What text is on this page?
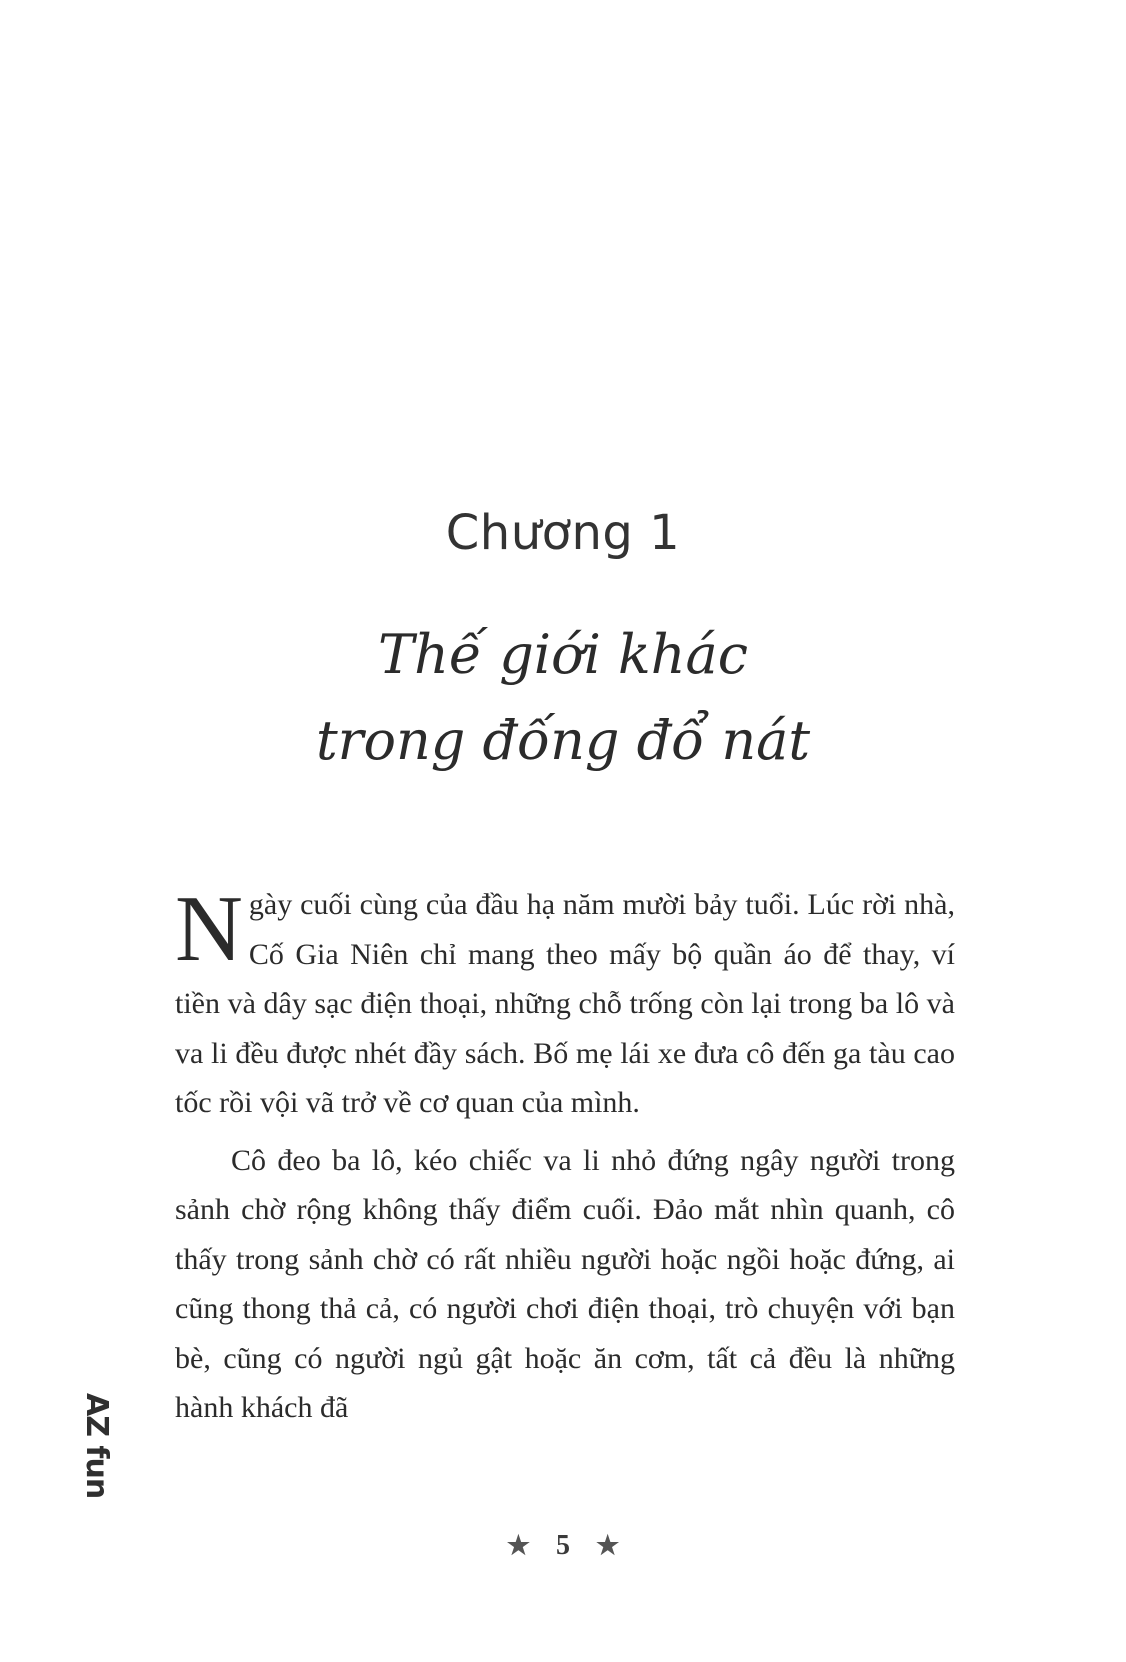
Chương 1
Thế giới khác
trong đống đổ nát

Ngày cuối cùng của đầu hạ năm mười bảy tuổi. Lúc rời nhà, Cố Gia Niên chỉ mang theo mấy bộ quần áo để thay, ví tiền và dây sạc điện thoại, những chỗ trống còn lại trong ba lô và va li đều được nhét đầy sách. Bố mẹ lái xe đưa cô đến ga tàu cao tốc rồi vội vã trở về cơ quan của mình.

Cô đeo ba lô, kéo chiếc va li nhỏ đứng ngây người trong sảnh chờ rộng không thấy điểm cuối. Đảo mắt nhìn quanh, cô thấy trong sảnh chờ có rất nhiều người hoặc ngồi hoặc đứng, ai cũng thong thả cả, có người chơi điện thoại, trò chuyện với bạn bè, cũng có người ngủ gật hoặc ăn cơm, tất cả đều là những hành khách đã

AZ fun
★ 5 ★
